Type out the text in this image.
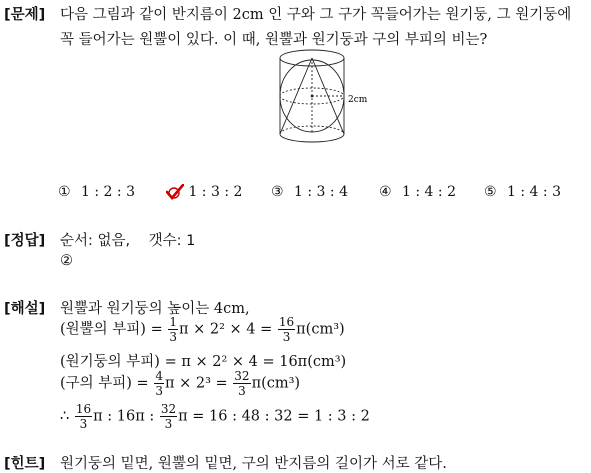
[문제] 다음 그림과 같이 반지름이 2cm 인 구와 그 구가 꼭들어가는 원기둥, 그 원기둥에
꼭 들어가는 원뿔이 있다. 이 때, 원뿔과 원기둥과 구의 부피의 비는?
2cm
① 1 : 2 : 3	1 : 3 : 2 ③ 1 : 3 : 4 ④ 1 : 4 : 2 ⑤ 1 : 4 : 3
[정답] 순서: 없음,    갯수: 1
②
[해설] 원뿔과 원기둥의 높이는 4cm,
(원뿔의 부피) = $\frac{1}{3}$ $\pi \times 2^2 \times 4 = \frac{16}{3} \pi(cm^3)$
(원기둥의 부피) = π × 2² × 4 = 16π(cm³)
(구의 부피) = $\frac{4}{3}$ $\pi \times 2^3 = \frac{32}{3} \pi(cm^3)$
∴ $\frac{16}{3}$ π : 16π : $\frac{32}{3}$ π = 16 : 48 : 32 = 1 : 3 : 2
[힌트] 원기둥의 밑면, 원뿔의 밑면, 구의 반지름의 길이가 서로 같다.
